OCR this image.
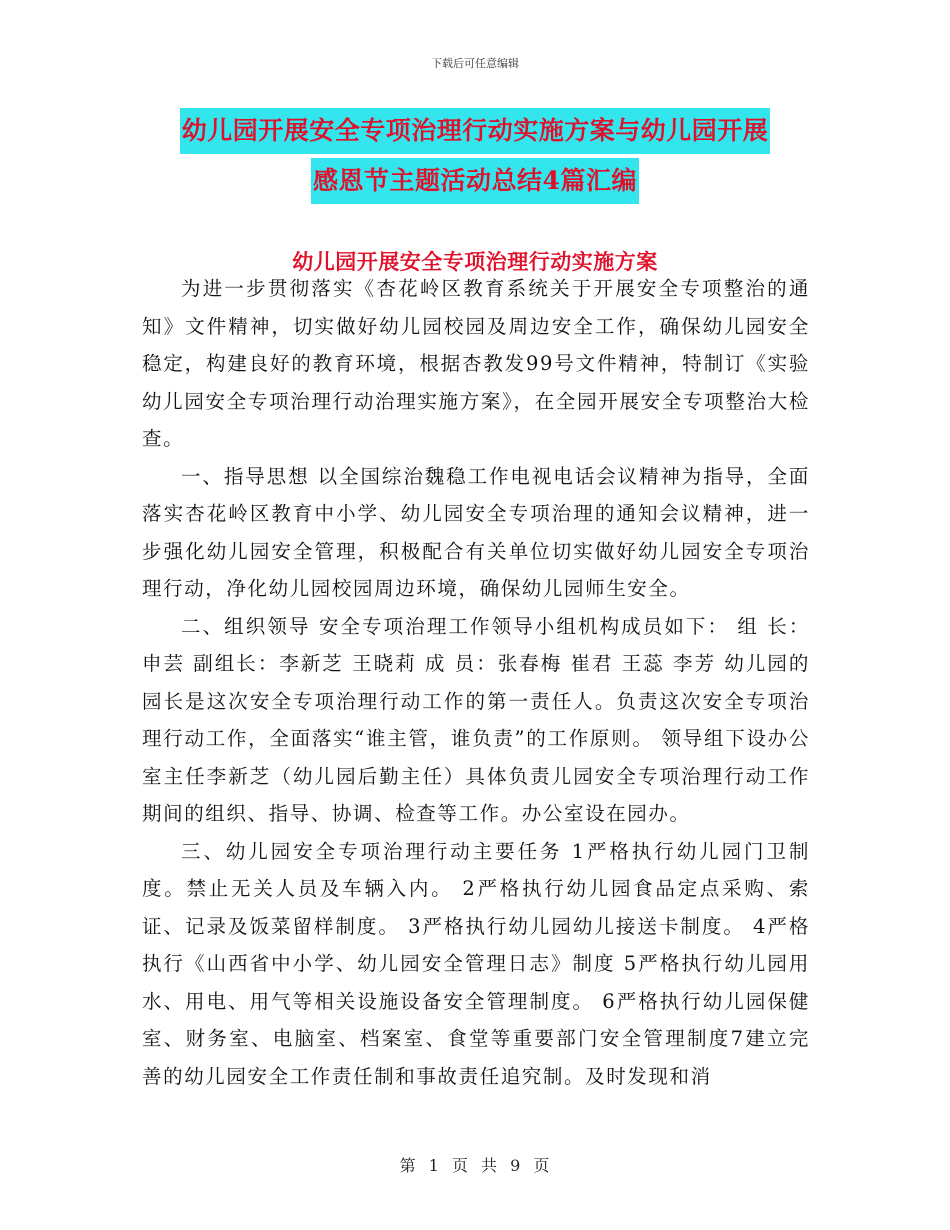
下载后可任意编辑
幼儿园开展安全专项治理行动实施方案与幼儿园开展
感恩节主题活动总结4篇汇编
幼儿园开展安全专项治理行动实施方案

为进一步贯彻落实《杏花岭区教育系统关于开展安全专项整治的通知》文件精神，切实做好幼儿园校园及周边安全工作，确保幼儿园安全稳定，构建良好的教育环境，根据杏教发99号文件精神，特制订《实验幼儿园安全专项治理行动治理实施方案》，在全园开展安全专项整治大检查。

一、指导思想 以全国综治魏稳工作电视电话会议精神为指导，全面落实杏花岭区教育中小学、幼儿园安全专项治理的通知会议精神，进一步强化幼儿园安全管理，积极配合有关单位切实做好幼儿园安全专项治理行动，净化幼儿园校园周边环境，确保幼儿园师生安全。

二、组织领导 安全专项治理工作领导小组机构成员如下： 组 长：申芸 副组长：李新芝 王晓莉 成 员：张春梅 崔君 王蕊 李芳 幼儿园的园长是这次安全专项治理行动工作的第一责任人。负责这次安全专项治理行动工作，全面落实“谁主管，谁负责”的工作原则。 领导组下设办公室主任李新芝（幼儿园后勤主任）具体负责儿园安全专项治理行动工作期间的组织、指导、协调、检查等工作。办公室设在园办。

三、幼儿园安全专项治理行动主要任务 1严格执行幼儿园门卫制度。禁止无关人员及车辆入内。 2严格执行幼儿园食品定点采购、索证、记录及饭菜留样制度。 3严格执行幼儿园幼儿接送卡制度。 4严格执行《山西省中小学、幼儿园安全管理日志》制度 5严格执行幼儿园用水、用电、用气等相关设施设备安全管理制度。 6严格执行幼儿园保健室、财务室、电脑室、档案室、食堂等重要部门安全管理制度7建立完善的幼儿园安全工作责任制和事故责任追究制。及时发现和消

第 1 页 共 9 页
